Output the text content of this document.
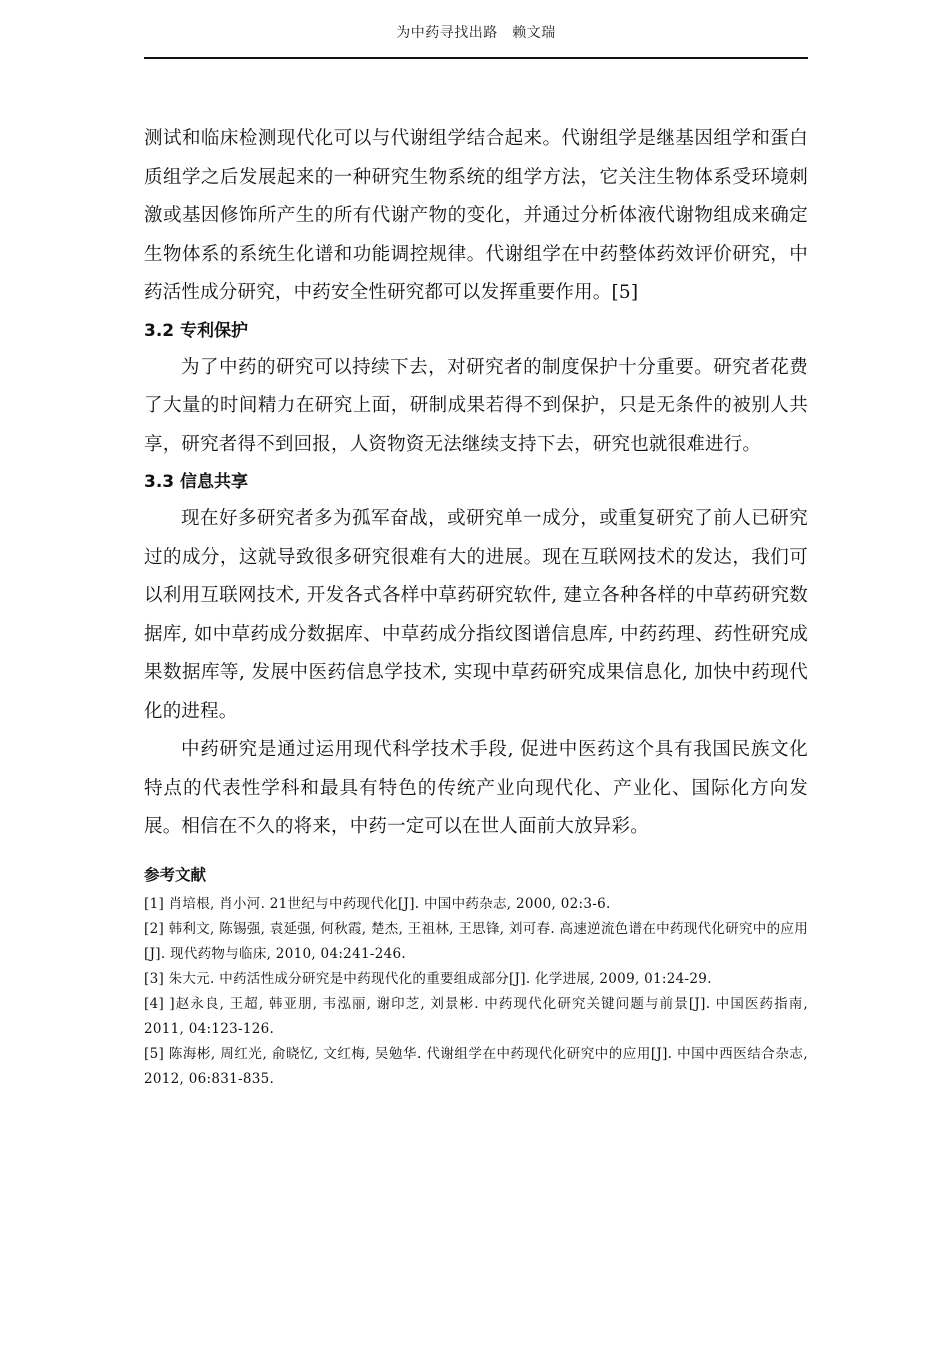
为中药寻找出路　赖文瑞

测试和临床检测现代化可以与代谢组学结合起来。代谢组学是继基因组学和蛋白质组学之后发展起来的一种研究生物系统的组学方法，它关注生物体系受环境刺激或基因修饰所产生的所有代谢产物的变化，并通过分析体液代谢物组成来确定生物体系的系统生化谱和功能调控规律。代谢组学在中药整体药效评价研究，中药活性成分研究，中药安全性研究都可以发挥重要作用。[5]

3.2 专利保护

为了中药的研究可以持续下去，对研究者的制度保护十分重要。研究者花费了大量的时间精力在研究上面，研制成果若得不到保护，只是无条件的被别人共享，研究者得不到回报，人资物资无法继续支持下去，研究也就很难进行。

3.3 信息共享

现在好多研究者多为孤军奋战，或研究单一成分，或重复研究了前人已研究过的成分，这就导致很多研究很难有大的进展。现在互联网技术的发达，我们可以利用互联网技术, 开发各式各样中草药研究软件, 建立各种各样的中草药研究数据库, 如中草药成分数据库、中草药成分指纹图谱信息库, 中药药理、药性研究成果数据库等, 发展中医药信息学技术, 实现中草药研究成果信息化, 加快中药现代化的进程。

中药研究是通过运用现代科学技术手段, 促进中医药这个具有我国民族文化特点的代表性学科和最具有特色的传统产业向现代化、产业化、国际化方向发展。相信在不久的将来，中药一定可以在世人面前大放异彩。

参考文献

[1] 肖培根, 肖小河. 21世纪与中药现代化[J]. 中国中药杂志, 2000, 02:3-6.

[2] 韩利文, 陈锡强, 袁延强, 何秋霞, 楚杰, 王祖林, 王思锋, 刘可春. 高速逆流色谱在中药现代化研究中的应用[J]. 现代药物与临床, 2010, 04:241-246.

[3] 朱大元. 中药活性成分研究是中药现代化的重要组成部分[J]. 化学进展, 2009, 01:24-29.

[4] ]赵永良, 王超, 韩亚朋, 韦泓丽, 谢印芝, 刘景彬. 中药现代化研究关键问题与前景[J]. 中国医药指南, 2011, 04:123-126.

[5] 陈海彬, 周红光, 俞晓忆, 文红梅, 吴勉华. 代谢组学在中药现代化研究中的应用[J]. 中国中西医结合杂志, 2012, 06:831-835.
